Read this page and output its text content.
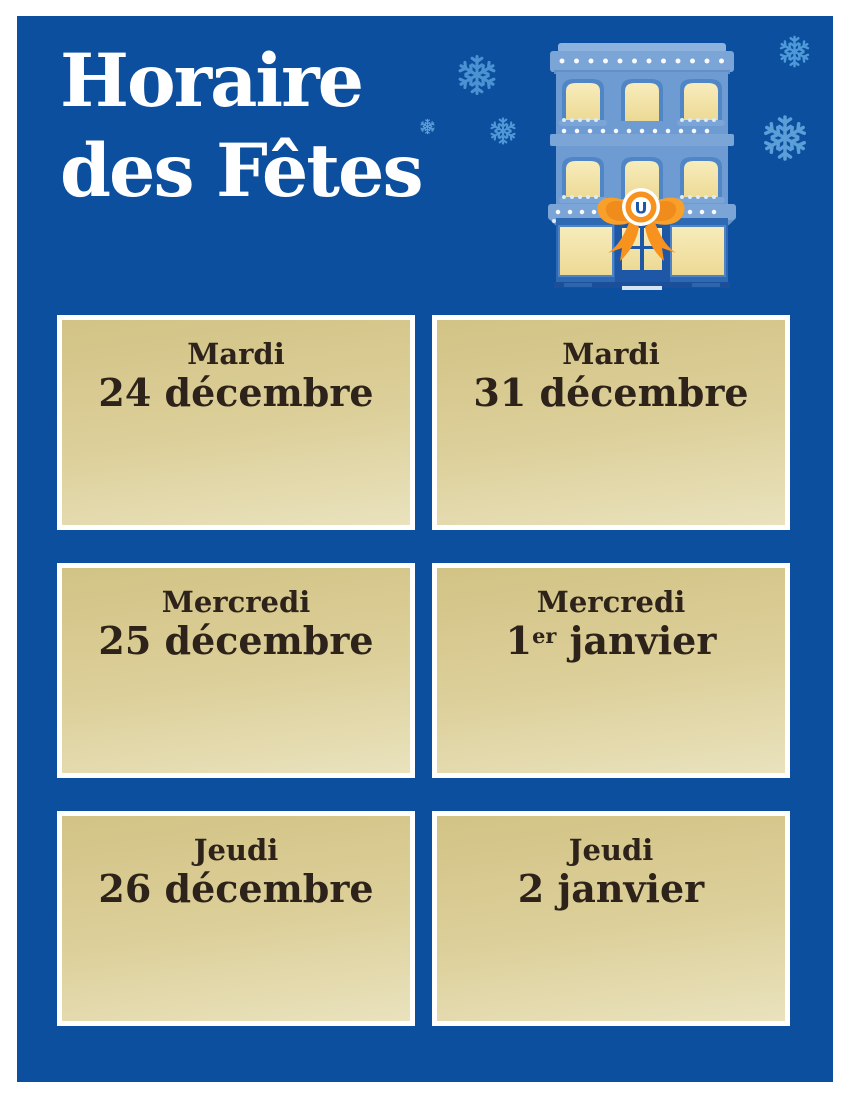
Horaire
des Fêtes	U
Mardi
24 décembre
Mardi
31 décembre
Mercredi
25 décembre
Mercredi
1er janvier
Jeudi
26 décembre
Jeudi
2 janvier
